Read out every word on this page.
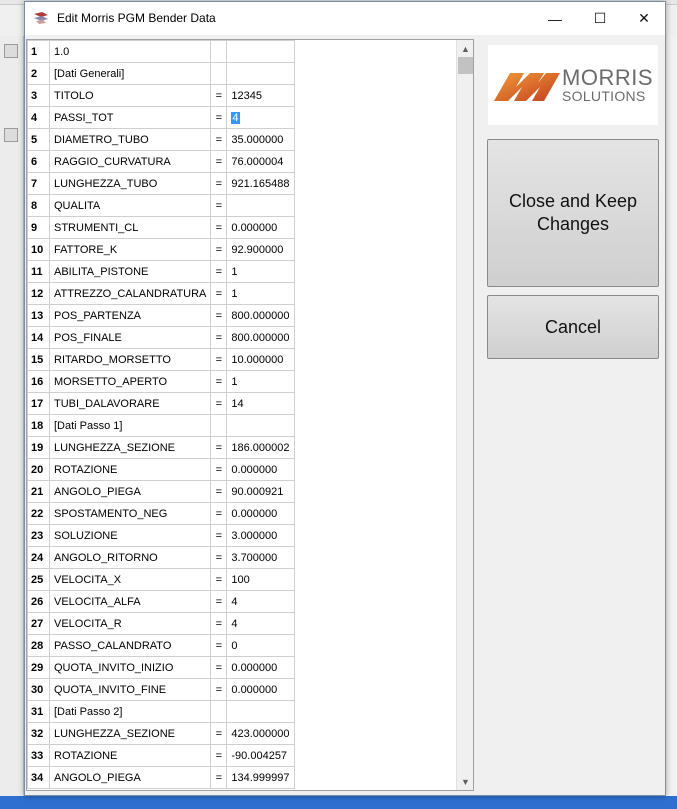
Edit Morris PGM Bender Data	— ☐ ✕
1	1.0		
2	[Dati Generali]		
3	TITOLO	=	12345
4	PASSI_TOT	=	4
5	DIAMETRO_TUBO	=	35.000000
6	RAGGIO_CURVATURA	=	76.000004
7	LUNGHEZZA_TUBO	=	921.165488
8	QUALITA	=	
9	STRUMENTI_CL	=	0.000000
10	FATTORE_K	=	92.900000
11	ABILITA_PISTONE	=	1
12	ATTREZZO_CALANDRATURA	=	1
13	POS_PARTENZA	=	800.000000
14	POS_FINALE	=	800.000000
15	RITARDO_MORSETTO	=	10.000000
16	MORSETTO_APERTO	=	1
17	TUBI_DALAVORARE	=	14
18	[Dati Passo 1]		
19	LUNGHEZZA_SEZIONE	=	186.000002
20	ROTAZIONE	=	0.000000
21	ANGOLO_PIEGA	=	90.000921
22	SPOSTAMENTO_NEG	=	0.000000
23	SOLUZIONE	=	3.000000
24	ANGOLO_RITORNO	=	3.700000
25	VELOCITA_X	=	100
26	VELOCITA_ALFA	=	4
27	VELOCITA_R	=	4
28	PASSO_CALANDRATO	=	0
29	QUOTA_INVITO_INIZIO	=	0.000000
30	QUOTA_INVITO_FINE	=	0.000000
31	[Dati Passo 2]		
32	LUNGHEZZA_SEZIONE	=	423.000000
33	ROTAZIONE	=	-90.004257
34	ANGOLO_PIEGA	=	134.999997
▲
▼
MORRIS
SOLUTIONS
Close and Keep Changes
Cancel
